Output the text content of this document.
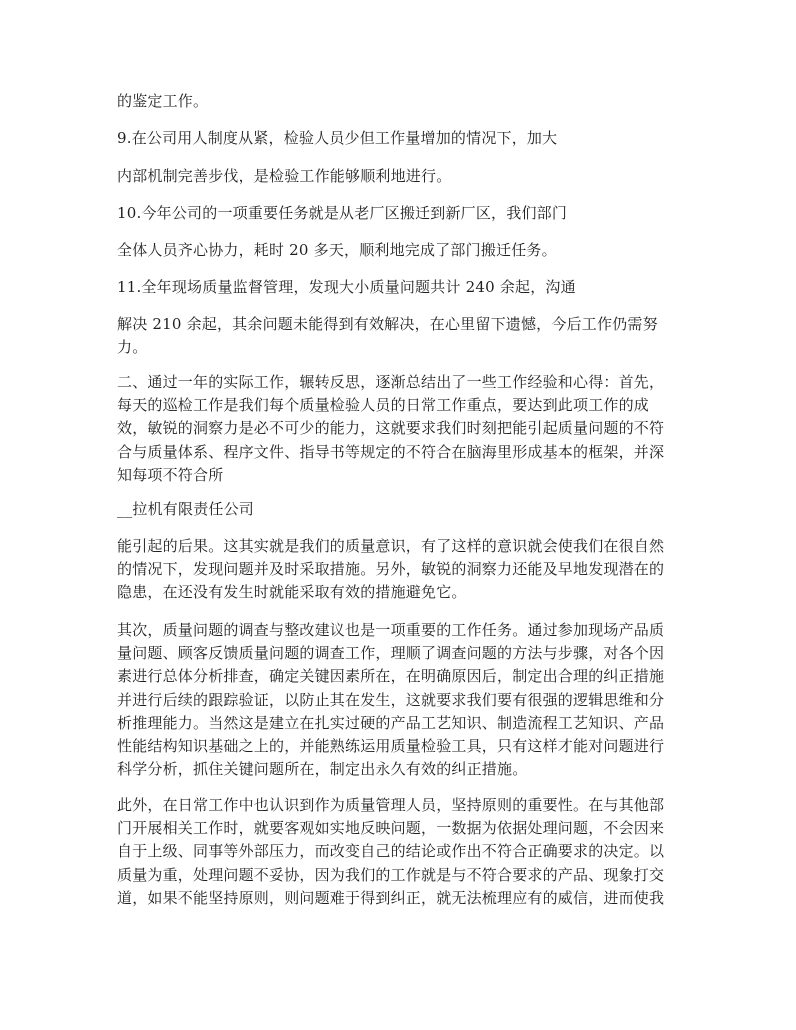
的鉴定工作。

9.在公司用人制度从紧，检验人员少但工作量增加的情况下，加大

内部机制完善步伐，是检验工作能够顺利地进行。

10.今年公司的一项重要任务就是从老厂区搬迁到新厂区，我们部门

全体人员齐心协力，耗时 20 多天，顺利地完成了部门搬迁任务。

11.全年现场质量监督管理，发现大小质量问题共计 240 余起，沟通

解决 210 余起，其余问题未能得到有效解决，在心里留下遗憾，今后工作仍需努
力。

二、通过一年的实际工作，辗转反思，逐渐总结出了一些工作经验和心得：首先，
每天的巡检工作是我们每个质量检验人员的日常工作重点，要达到此项工作的成
效，敏锐的洞察力是必不可少的能力，这就要求我们时刻把能引起质量问题的不符
合与质量体系、程序文件、指导书等规定的不符合在脑海里形成基本的框架，并深
知每项不符合所

__拉机有限责任公司

能引起的后果。这其实就是我们的质量意识，有了这样的意识就会使我们在很自然
的情况下，发现问题并及时采取措施。另外，敏锐的洞察力还能及早地发现潜在的
隐患，在还没有发生时就能采取有效的措施避免它。

其次，质量问题的调查与整改建议也是一项重要的工作任务。通过参加现场产品质
量问题、顾客反馈质量问题的调查工作，理顺了调查问题的方法与步骤，对各个因
素进行总体分析排查，确定关键因素所在，在明确原因后，制定出合理的纠正措施
并进行后续的跟踪验证，以防止其在发生，这就要求我们要有很强的逻辑思维和分
析推理能力。当然这是建立在扎实过硬的产品工艺知识、制造流程工艺知识、产品
性能结构知识基础之上的，并能熟练运用质量检验工具，只有这样才能对问题进行
科学分析，抓住关键问题所在，制定出永久有效的纠正措施。

此外，在日常工作中也认识到作为质量管理人员，坚持原则的重要性。在与其他部
门开展相关工作时，就要客观如实地反映问题，一数据为依据处理问题，不会因来
自于上级、同事等外部压力，而改变自己的结论或作出不符合正确要求的决定。以
质量为重，处理问题不妥协，因为我们的工作就是与不符合要求的产品、现象打交
道，如果不能坚持原则，则问题难于得到纠正，就无法梳理应有的威信，进而使我
